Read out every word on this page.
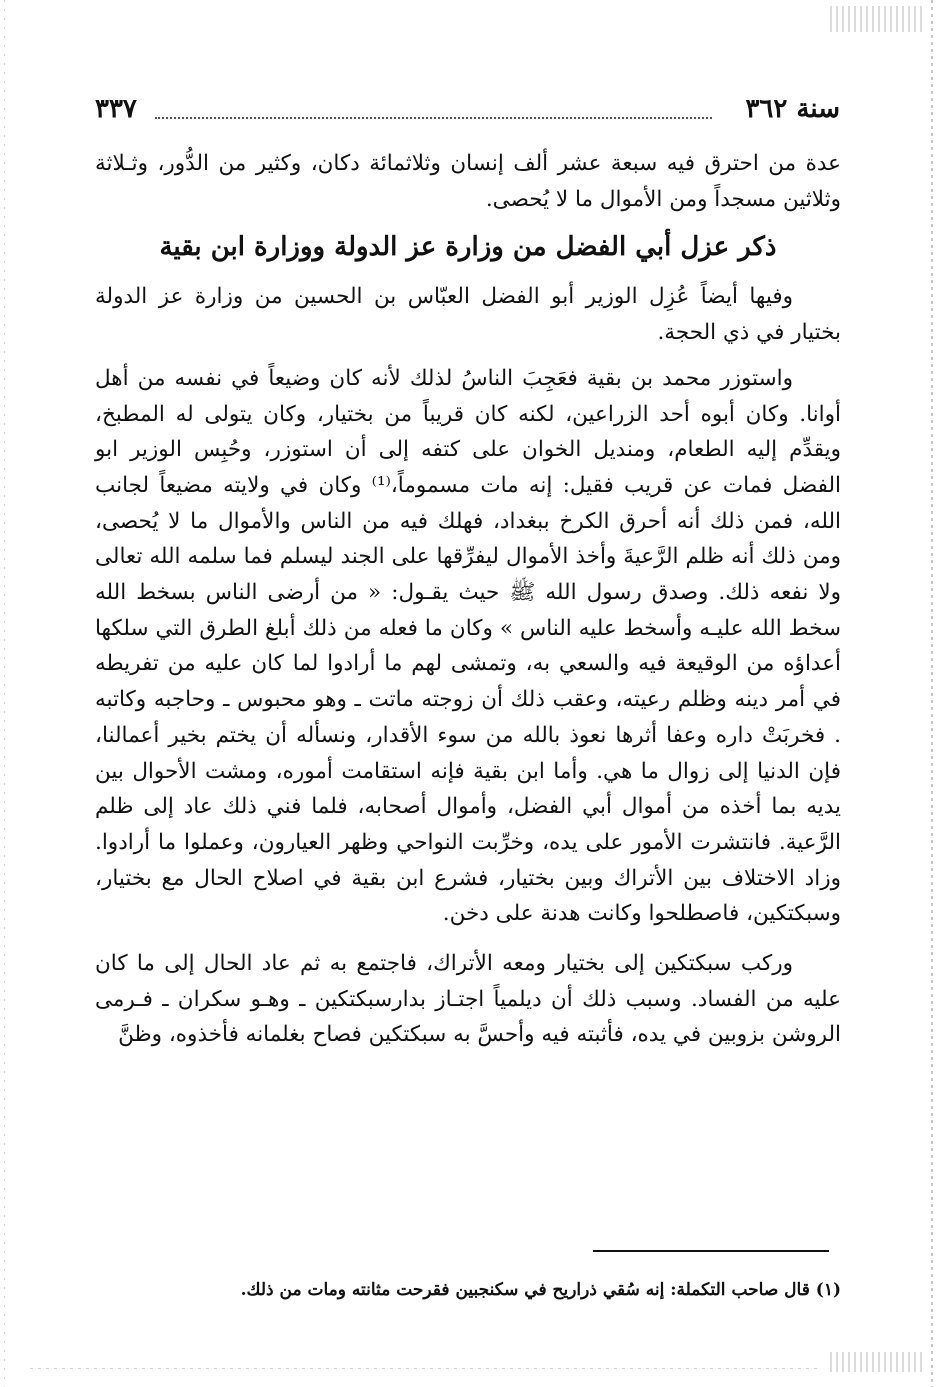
سنة ٣٦٢
٣٣٧

عدة من احترق فيه سبعة عشر ألف إنسان وثلاثمائة دكان، وكثير من الدُّور، وثـلاثة وثلاثين مسجداً ومن الأموال ما لا يُحصى.

ذكر عزل أبي الفضل من وزارة عز الدولة ووزارة ابن بقية

وفيها أيضاً عُزِل الوزير أبو الفضل العبّاس بن الحسين من وزارة عز الدولة بختيار في ذي الحجة.

واستوزر محمد بن بقية فعَجِبَ الناسُ لذلك لأنه كان وضيعاً في نفسه من أهل أوانا. وكان أبوه أحد الزراعين، لكنه كان قريباً من بختيار، وكان يتولى له المطبخ، ويقدِّم إليه الطعام، ومنديل الخوان على كتفه إلى أن استوزر، وحُبِس الوزير ابو الفضل فمات عن قريب فقيل: إنه مات مسموماً،⁽¹⁾ وكان في ولايته مضيعاً لجانب الله، فمن ذلك أنه أحرق الكرخ ببغداد، فهلك فيه من الناس والأموال ما لا يُحصى، ومن ذلك أنه ظلم الرَّعيةَ وأخذ الأموال ليفرِّقها على الجند ليسلم فما سلمه الله تعالى ولا نفعه ذلك. وصدق رسول الله ﷺ حيث يقـول: « من أرضى الناس بسخط الله سخط الله عليـه وأسخط عليه الناس » وكان ما فعله من ذلك أبلغ الطرق التي سلكها أعداؤه من الوقيعة فيه والسعي به، وتمشى لهم ما أرادوا لما كان عليه من تفريطه في أمر دينه وظلم رعيته، وعقب ذلك أن زوجته ماتت ـ وهو محبوس ـ وحاجبه وكاتبه . فخربَتْ داره وعفا أثرها نعوذ بالله من سوء الأقدار، ونسأله أن يختم بخير أعمالنا، فإن الدنيا إلى زوال ما هي. وأما ابن بقية فإنه استقامت أموره، ومشت الأحوال بين يديه بما أخذه من أموال أبي الفضل، وأموال أصحابه، فلما فني ذلك عاد إلى ظلم الرَّعية. فانتشرت الأمور على يده، وخرِّبت النواحي وظهر العيارون، وعملوا ما أرادوا. وزاد الاختلاف بين الأتراك وبين بختيار، فشرع ابن بقية في اصلاح الحال مع بختيار، وسبكتكين، فاصطلحوا وكانت هدنة على دخن.

وركب سبكتكين إلى بختيار ومعه الأتراك، فاجتمع به ثم عاد الحال إلى ما كان عليه من الفساد. وسبب ذلك أن ديلمياً اجتـاز بدارسبكتكين ـ وهـو سكران ـ فـرمى الروشن بزوبين في يده، فأثبته فيه وأحسَّ به سبكتكين فصاح بغلمانه فأخذوه، وظنَّ

(١) قال صاحب التكملة: إنه سُقي ذراريح في سكنجبين فقرحت مثانته ومات من ذلك.
